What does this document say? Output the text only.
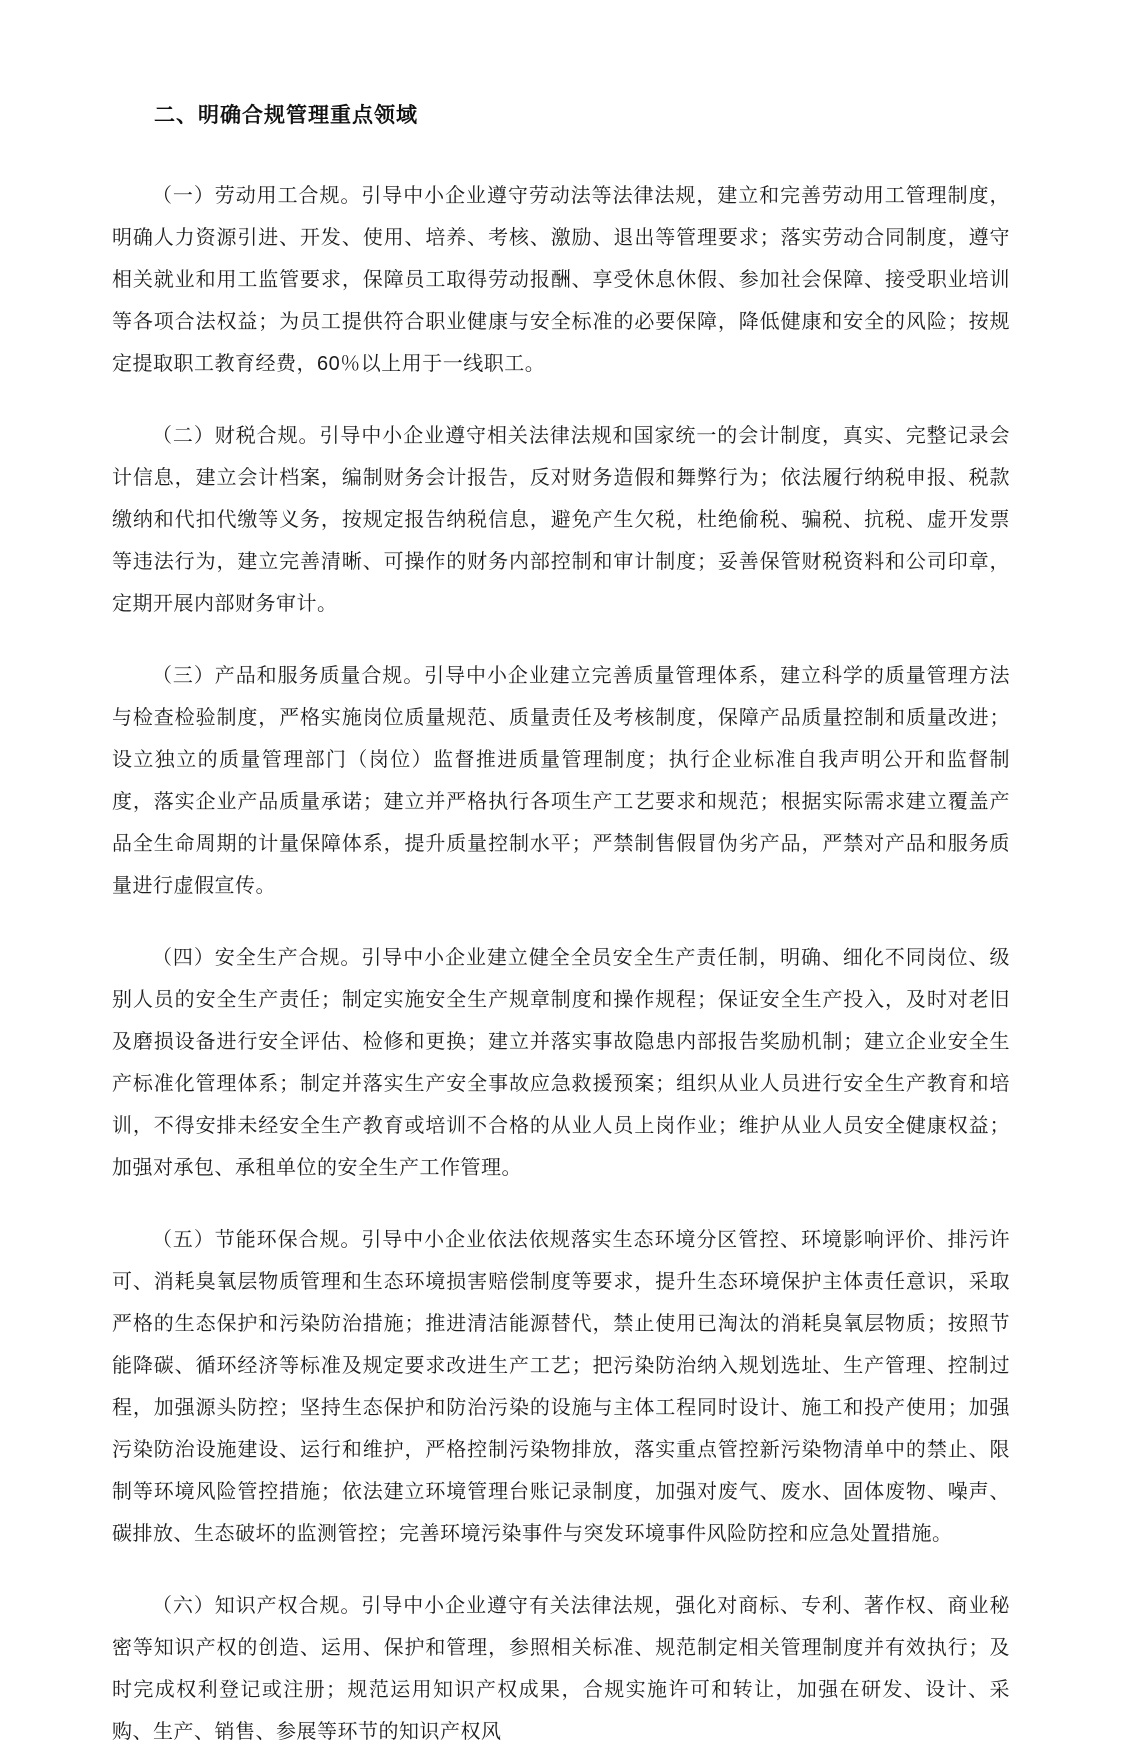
二、明确合规管理重点领域

（一）劳动用工合规。引导中小企业遵守劳动法等法律法规，建立和完善劳动用工管理制度，明确人力资源引进、开发、使用、培养、考核、激励、退出等管理要求；落实劳动合同制度，遵守相关就业和用工监管要求，保障员工取得劳动报酬、享受休息休假、参加社会保障、接受职业培训等各项合法权益；为员工提供符合职业健康与安全标准的必要保障，降低健康和安全的风险；按规定提取职工教育经费，60％以上用于一线职工。

（二）财税合规。引导中小企业遵守相关法律法规和国家统一的会计制度，真实、完整记录会计信息，建立会计档案，编制财务会计报告，反对财务造假和舞弊行为；依法履行纳税申报、税款缴纳和代扣代缴等义务，按规定报告纳税信息，避免产生欠税，杜绝偷税、骗税、抗税、虚开发票等违法行为，建立完善清晰、可操作的财务内部控制和审计制度；妥善保管财税资料和公司印章，定期开展内部财务审计。

（三）产品和服务质量合规。引导中小企业建立完善质量管理体系，建立科学的质量管理方法与检查检验制度，严格实施岗位质量规范、质量责任及考核制度，保障产品质量控制和质量改进；设立独立的质量管理部门（岗位）监督推进质量管理制度；执行企业标准自我声明公开和监督制度，落实企业产品质量承诺；建立并严格执行各项生产工艺要求和规范；根据实际需求建立覆盖产品全生命周期的计量保障体系，提升质量控制水平；严禁制售假冒伪劣产品，严禁对产品和服务质量进行虚假宣传。

（四）安全生产合规。引导中小企业建立健全全员安全生产责任制，明确、细化不同岗位、级别人员的安全生产责任；制定实施安全生产规章制度和操作规程；保证安全生产投入，及时对老旧及磨损设备进行安全评估、检修和更换；建立并落实事故隐患内部报告奖励机制；建立企业安全生产标准化管理体系；制定并落实生产安全事故应急救援预案；组织从业人员进行安全生产教育和培训，不得安排未经安全生产教育或培训不合格的从业人员上岗作业；维护从业人员安全健康权益；加强对承包、承租单位的安全生产工作管理。

（五）节能环保合规。引导中小企业依法依规落实生态环境分区管控、环境影响评价、排污许可、消耗臭氧层物质管理和生态环境损害赔偿制度等要求，提升生态环境保护主体责任意识，采取严格的生态保护和污染防治措施；推进清洁能源替代，禁止使用已淘汰的消耗臭氧层物质；按照节能降碳、循环经济等标准及规定要求改进生产工艺；把污染防治纳入规划选址、生产管理、控制过程，加强源头防控；坚持生态保护和防治污染的设施与主体工程同时设计、施工和投产使用；加强污染防治设施建设、运行和维护，严格控制污染物排放，落实重点管控新污染物清单中的禁止、限制等环境风险管控措施；依法建立环境管理台账记录制度，加强对废气、废水、固体废物、噪声、碳排放、生态破坏的监测管控；完善环境污染事件与突发环境事件风险防控和应急处置措施。

（六）知识产权合规。引导中小企业遵守有关法律法规，强化对商标、专利、著作权、商业秘密等知识产权的创造、运用、保护和管理，参照相关标准、规范制定相关管理制度并有效执行；及时完成权利登记或注册；规范运用知识产权成果，合规实施许可和转让，加强在研发、设计、采购、生产、销售、参展等环节的知识产权风
